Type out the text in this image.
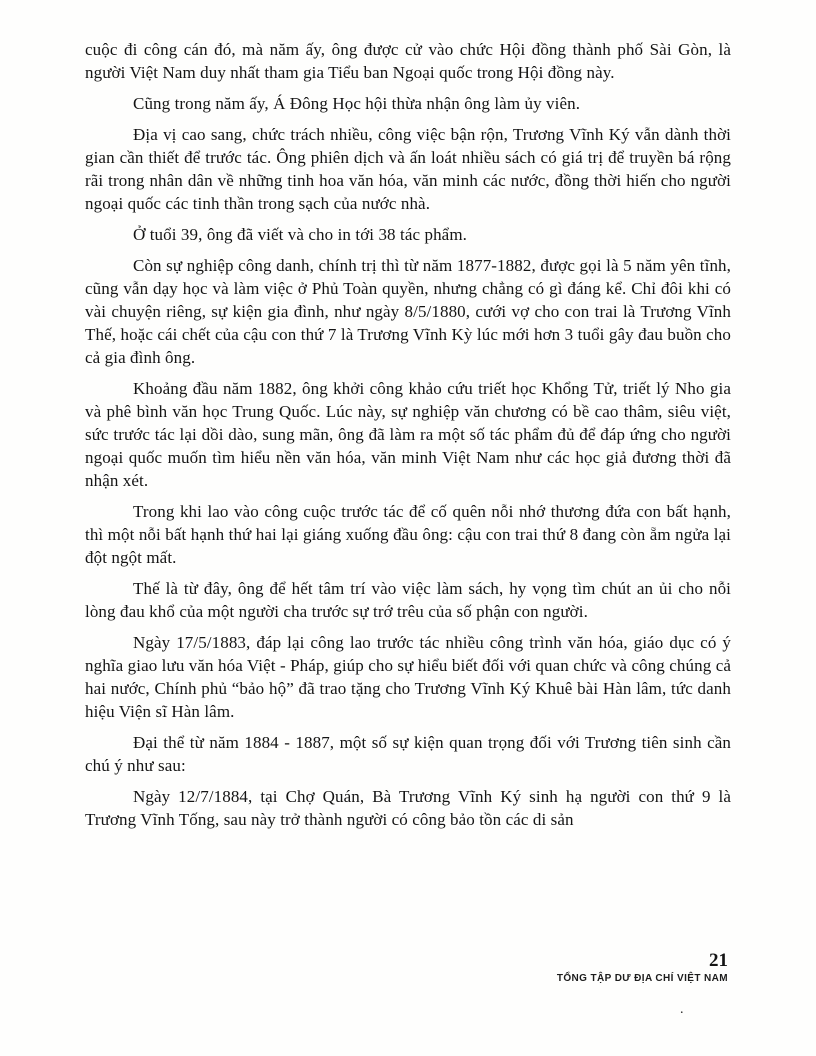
cuộc đi công cán đó, mà năm ấy, ông được cử vào chức Hội đồng thành phố Sài Gòn, là người Việt Nam duy nhất tham gia Tiểu ban Ngoại quốc trong Hội đồng này.

Cũng trong năm ấy, Á Đông Học hội thừa nhận ông làm ủy viên.

Địa vị cao sang, chức trách nhiều, công việc bận rộn, Trương Vĩnh Ký vẫn dành thời gian cần thiết để trước tác. Ông phiên dịch và ấn loát nhiều sách có giá trị để truyền bá rộng rãi trong nhân dân về những tinh hoa văn hóa, văn minh các nước, đồng thời hiến cho người ngoại quốc các tinh thần trong sạch của nước nhà.

Ở tuổi 39, ông đã viết và cho in tới 38 tác phẩm.

Còn sự nghiệp công danh, chính trị thì từ năm 1877-1882, được gọi là 5 năm yên tĩnh, cũng vẫn dạy học và làm việc ở Phủ Toàn quyền, nhưng chẳng có gì đáng kể. Chỉ đôi khi có vài chuyện riêng, sự kiện gia đình, như ngày 8/5/1880, cưới vợ cho con trai là Trương Vĩnh Thế, hoặc cái chết của cậu con thứ 7 là Trương Vĩnh Kỳ lúc mới hơn 3 tuổi gây đau buồn cho cả gia đình ông.

Khoảng đầu năm 1882, ông khởi công khảo cứu triết học Khổng Tử, triết lý Nho gia và phê bình văn học Trung Quốc. Lúc này, sự nghiệp văn chương có bề cao thâm, siêu việt, sức trước tác lại dồi dào, sung mãn, ông đã làm ra một số tác phẩm đủ để đáp ứng cho người ngoại quốc muốn tìm hiểu nền văn hóa, văn minh Việt Nam như các học giả đương thời đã nhận xét.

Trong khi lao vào công cuộc trước tác để cố quên nỗi nhớ thương đứa con bất hạnh, thì một nỗi bất hạnh thứ hai lại giáng xuống đầu ông: cậu con trai thứ 8 đang còn ẵm ngửa lại đột ngột mất.

Thế là từ đây, ông để hết tâm trí vào việc làm sách, hy vọng tìm chút an ủi cho nỗi lòng đau khổ của một người cha trước sự trớ trêu của số phận con người.

Ngày 17/5/1883, đáp lại công lao trước tác nhiều công trình văn hóa, giáo dục có ý nghĩa giao lưu văn hóa Việt - Pháp, giúp cho sự hiểu biết đối với quan chức và công chúng cả hai nước, Chính phủ “bảo hộ” đã trao tặng cho Trương Vĩnh Ký Khuê bài Hàn lâm, tức danh hiệu Viện sĩ Hàn lâm.

Đại thể từ năm 1884 - 1887, một số sự kiện quan trọng đối với Trương tiên sinh cần chú ý như sau:

Ngày 12/7/1884, tại Chợ Quán, Bà Trương Vĩnh Ký sinh hạ người con thứ 9 là Trương Vĩnh Tống, sau này trở thành người có công bảo tồn các di sản

21
TỔNG TẬP DƯ ĐỊA CHÍ VIỆT NAM
.
